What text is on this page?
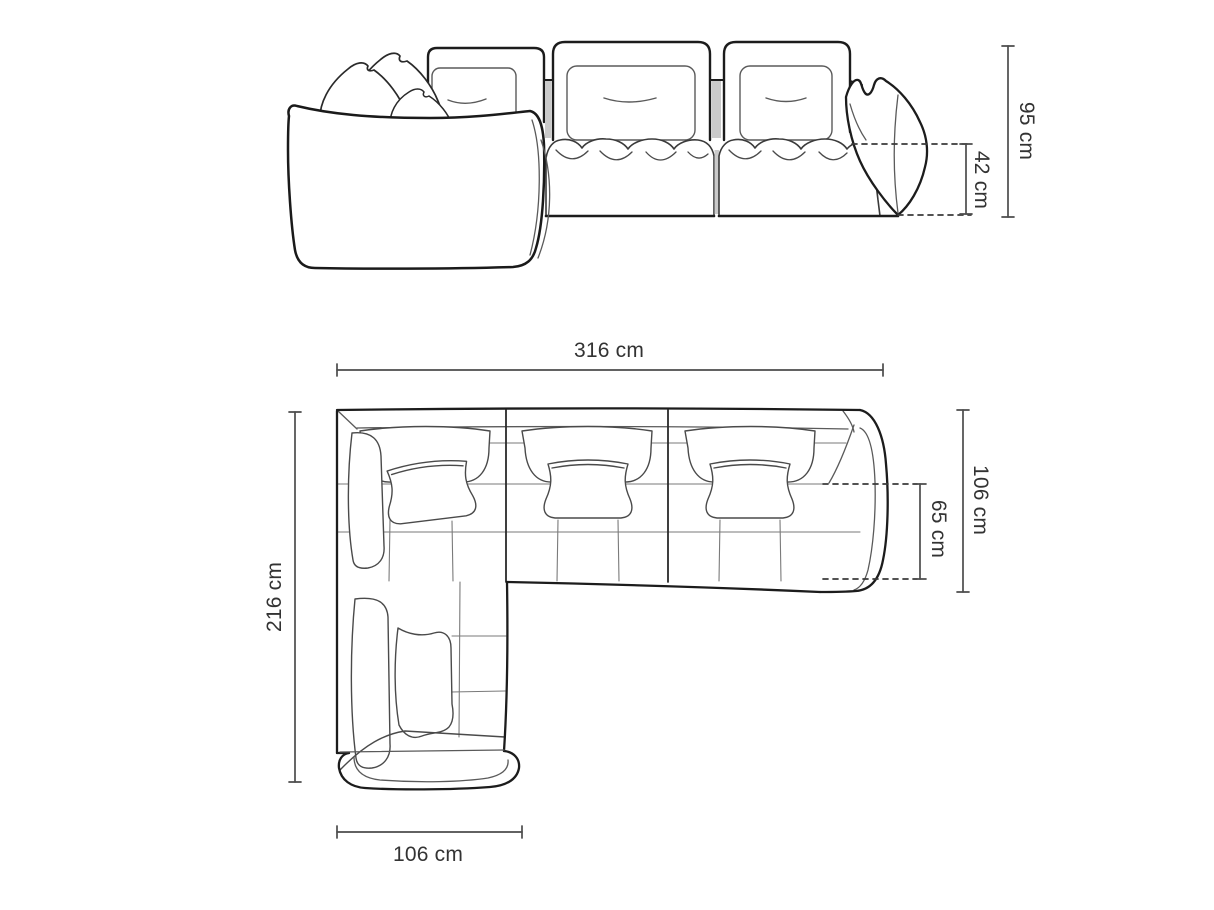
95 cm
42 cm
316 cm
216 cm
106 cm
65 cm
106 cm
